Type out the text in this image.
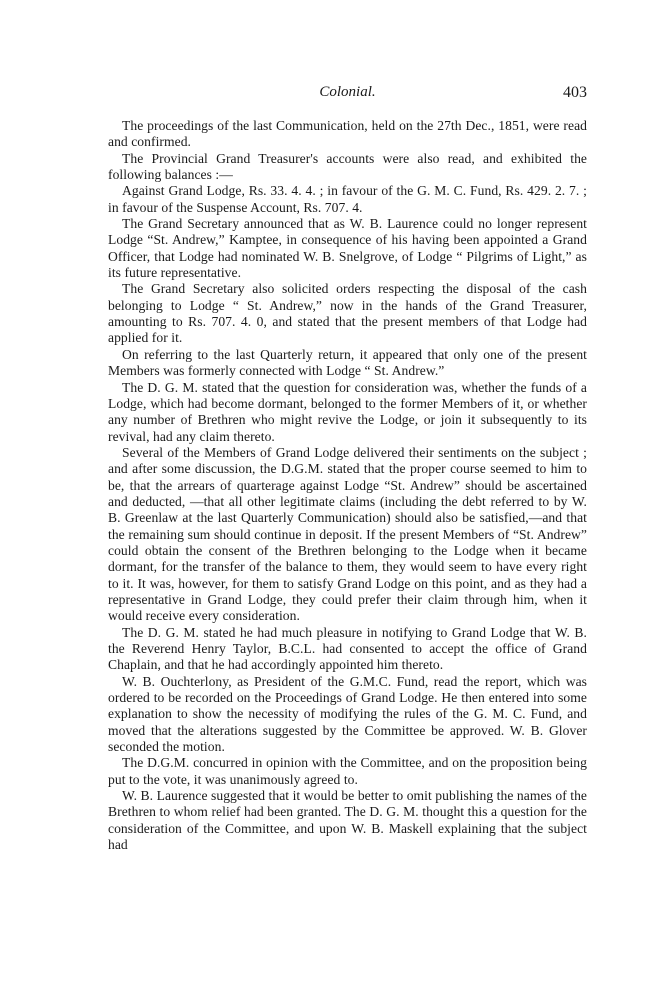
Colonial.	403

The proceedings of the last Communication, held on the 27th Dec., 1851, were read and confirmed.

The Provincial Grand Treasurer's accounts were also read, and exhibited the following balances :—

Against Grand Lodge, Rs. 33. 4. 4. ; in favour of the G. M. C. Fund, Rs. 429. 2. 7. ; in favour of the Suspense Account, Rs. 707. 4.

The Grand Secretary announced that as W. B. Laurence could no longer represent Lodge “St. Andrew,” Kamptee, in consequence of his having been appointed a Grand Officer, that Lodge had nominated W. B. Snelgrove, of Lodge “ Pilgrims of Light,” as its future representative.

The Grand Secretary also solicited orders respecting the disposal of the cash belonging to Lodge “ St. Andrew,” now in the hands of the Grand Treasurer, amounting to Rs. 707. 4. 0, and stated that the present members of that Lodge had applied for it.

On referring to the last Quarterly return, it appeared that only one of the present Members was formerly connected with Lodge “ St. Andrew.”

The D. G. M. stated that the question for consideration was, whether the funds of a Lodge, which had become dormant, belonged to the former Members of it, or whether any number of Brethren who might revive the Lodge, or join it subsequently to its revival, had any claim thereto.

Several of the Members of Grand Lodge delivered their sentiments on the subject ; and after some discussion, the D.G.M. stated that the proper course seemed to him to be, that the arrears of quarterage against Lodge “St. Andrew” should be ascertained and deducted, —that all other legitimate claims (including the debt referred to by W. B. Greenlaw at the last Quarterly Communication) should also be satisfied,—and that the remaining sum should continue in deposit. If the present Members of “St. Andrew” could obtain the consent of the Brethren belonging to the Lodge when it became dormant, for the transfer of the balance to them, they would seem to have every right to it. It was, however, for them to satisfy Grand Lodge on this point, and as they had a representative in Grand Lodge, they could prefer their claim through him, when it would receive every consideration.

The D. G. M. stated he had much pleasure in notifying to Grand Lodge that W. B. the Reverend Henry Taylor, B.C.L. had consented to accept the office of Grand Chaplain, and that he had accordingly appointed him thereto.

W. B. Ouchterlony, as President of the G.M.C. Fund, read the report, which was ordered to be recorded on the Proceedings of Grand Lodge. He then entered into some explanation to show the necessity of modifying the rules of the G. M. C. Fund, and moved that the alterations suggested by the Committee be approved. W. B. Glover seconded the motion.

The D.G.M. concurred in opinion with the Committee, and on the proposition being put to the vote, it was unanimously agreed to.

W. B. Laurence suggested that it would be better to omit publishing the names of the Brethren to whom relief had been granted. The D. G. M. thought this a question for the consideration of the Committee, and upon W. B. Maskell explaining that the subject had
